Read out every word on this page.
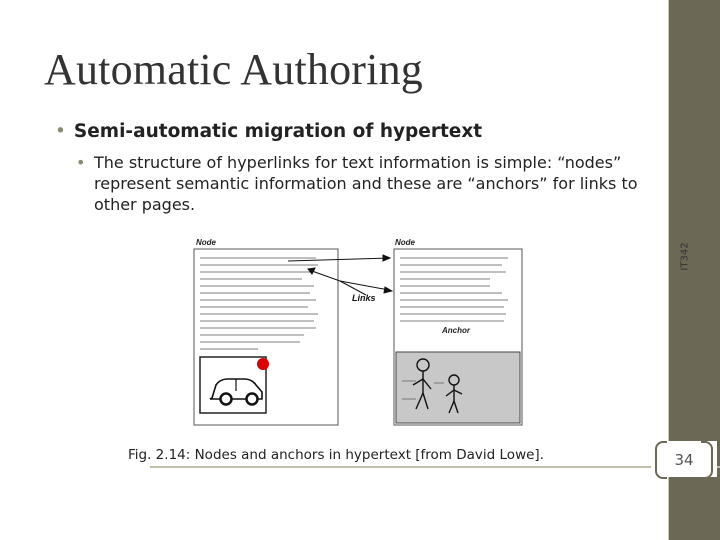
IT342
Automatic Authoring
• Semi-automatic migration of hypertext
• The structure of hyperlinks for text information is simple: “nodes” represent semantic information and these are “anchors” for links to other pages.
Node	Node
Anchor
Links
Fig. 2.14: Nodes and anchors in hypertext [from David Lowe].	34
